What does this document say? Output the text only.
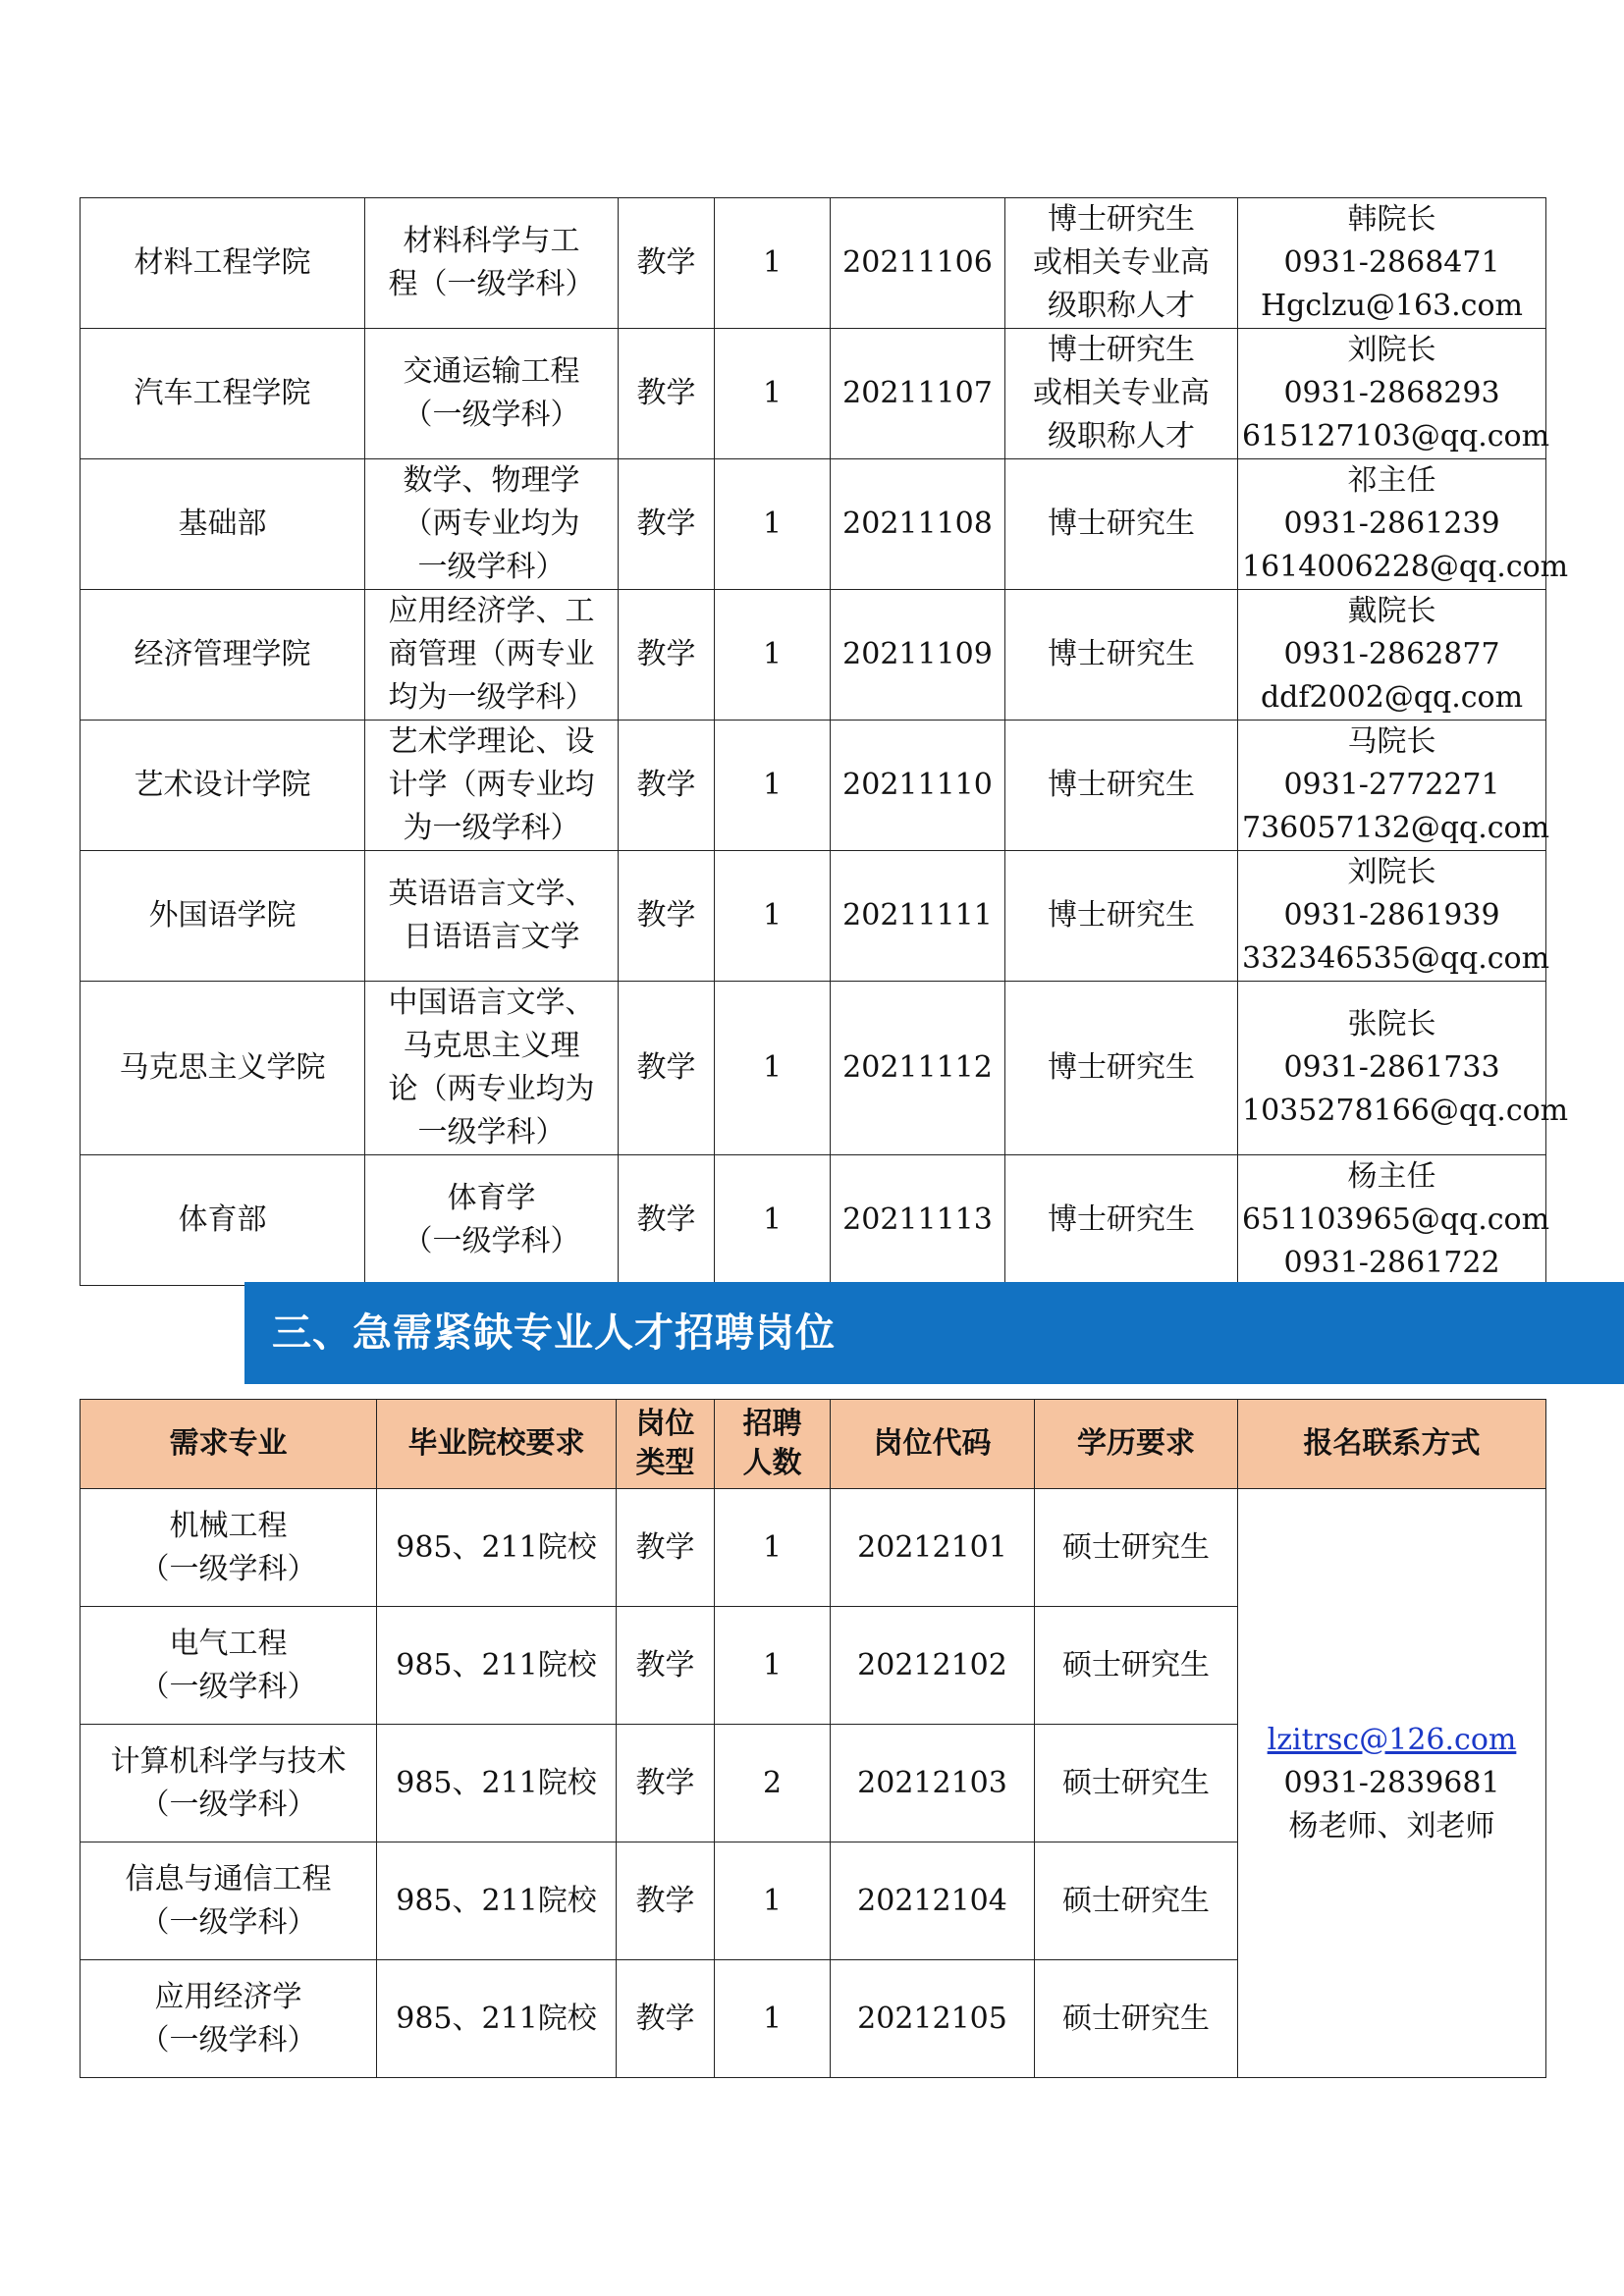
材料工程学院	材料科学与工
程（一级学科）	教学	1	20211106	博士研究生
或相关专业高
级职称人才	韩院长
0931-2868471
Hgclzu@163.com

汽车工程学院	交通运输工程
（一级学科）	教学	1	20211107	博士研究生
或相关专业高
级职称人才	刘院长
0931-2868293
615127103@qq.com

基础部	数学、物理学
（两专业均为
一级学科）	教学	1	20211108	博士研究生	祁主任
0931-2861239
1614006228@qq.com

经济管理学院	应用经济学、工
商管理（两专业
均为一级学科）	教学	1	20211109	博士研究生	戴院长
0931-2862877
ddf2002@qq.com

艺术设计学院	艺术学理论、设
计学（两专业均
为一级学科）	教学	1	20211110	博士研究生	马院长
0931-2772271
736057132@qq.com

外国语学院	英语语言文学、
日语语言文学	教学	1	20211111	博士研究生	刘院长
0931-2861939
332346535@qq.com

马克思主义学院	中国语言文学、
马克思主义理
论（两专业均为
一级学科）	教学	1	20211112	博士研究生	张院长
0931-2861733
1035278166@qq.com

体育部	体育学
（一级学科）	教学	1	20211113	博士研究生	杨主任
651103965@qq.com
0931-2861722
三、急需紧缺专业人才招聘岗位
需求专业	毕业院校要求	岗位
类型	招聘
人数	岗位代码	学历要求	报名联系方式

机械工程
（一级学科）	985、211院校	教学	1	20212101	硕士研究生	lzitrsc@126.com
0931-2839681
杨老师、刘老师

电气工程
（一级学科）	985、211院校	教学	1	20212102	硕士研究生	

计算机科学与技术
（一级学科）	985、211院校	教学	2	20212103	硕士研究生	

信息与通信工程
（一级学科）	985、211院校	教学	1	20212104	硕士研究生	

应用经济学
（一级学科）	985、211院校	教学	1	20212105	硕士研究生	
